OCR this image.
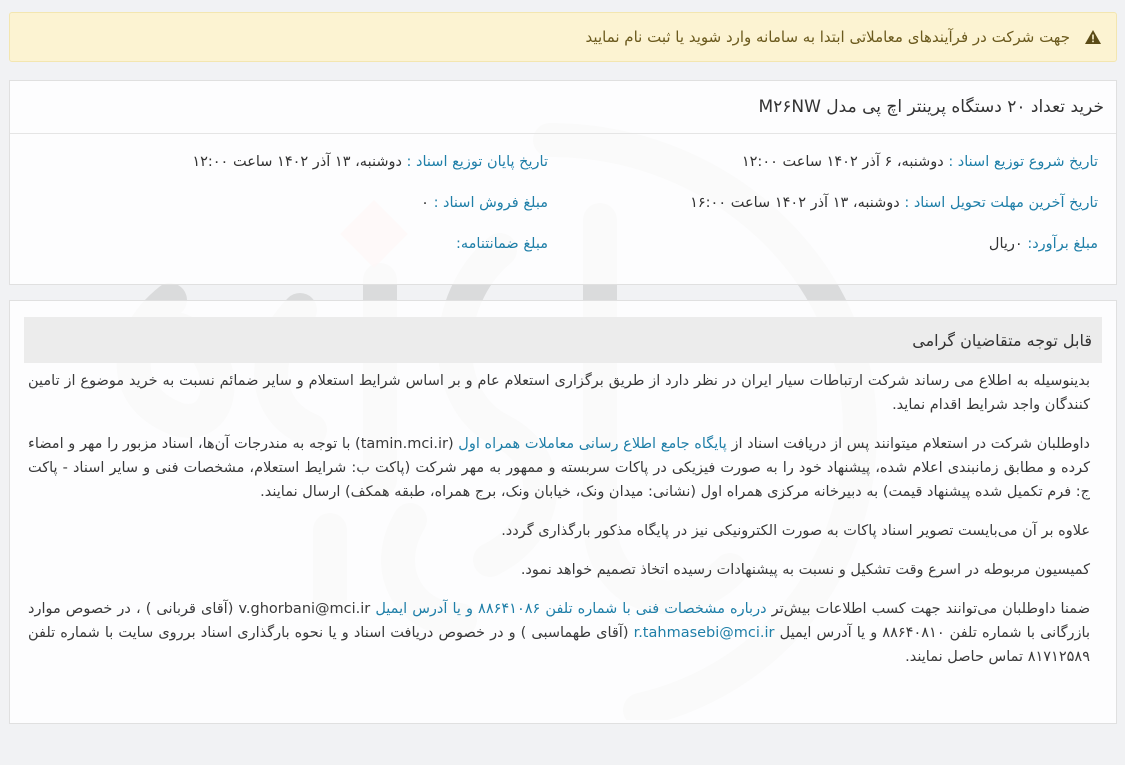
جهت شرکت در فرآیندهای معاملاتی ابتدا به سامانه وارد شوید یا ثبت نام نمایید
خرید تعداد ۲۰ دستگاه پرینتر اچ پی مدل M۲۶NW
تاریخ شروع توزیع اسناد : دوشنبه، ۶ آذر ۱۴۰۲ ساعت ۱۲:۰۰
تاریخ پایان توزیع اسناد : دوشنبه، ۱۳ آذر ۱۴۰۲ ساعت ۱۲:۰۰
تاریخ آخرین مهلت تحویل اسناد : دوشنبه، ۱۳ آذر ۱۴۰۲ ساعت ۱۶:۰۰
مبلغ فروش اسناد : ۰
مبلغ برآورد: ۰ریال
مبلغ ضمانتنامه:
قابل توجه متقاضیان گرامی

بدینوسیله به اطلاع می رساند شرکت ارتباطات سیار ایران در نظر دارد از طریق برگزاری استعلام عام و بر اساس شرایط استعلام و سایر ضمائم نسبت به خرید موضوع از تامین کنندگان واجد شرایط اقدام نماید.

داوطلبان شرکت در استعلام میتوانند پس از دریافت اسناد از پایگاه جامع اطلاع رسانی معاملات همراه اول (tamin.mci.ir) با توجه به مندرجات آن‌ها، اسناد مزبور را مهر و امضاء کرده و مطابق زمانبندی اعلام شده، پیشنهاد خود را به صورت فیزیکی در پاکات سربسته و ممهور به مهر شرکت (پاکت ب: شرایط استعلام، مشخصات فنی و سایر اسناد - پاکت ج: فرم تکمیل شده پیشنهاد قیمت) به دبیرخانه مرکزی همراه اول (نشانی: میدان ونک، خیابان ونک، برج همراه، طبقه همکف) ارسال نمایند.

علاوه بر آن می‌بایست تصویر اسناد پاکات به صورت الکترونیکی نیز در پایگاه مذکور بارگذاری گردد.

کمیسیون مربوطه در اسرع وقت تشکیل و نسبت به پیشنهادات رسیده اتخاذ تصمیم خواهد نمود.

ضمنا داوطلبان می‌توانند جهت کسب اطلاعات بیش‌تر درباره مشخصات فنی با شماره تلفن ۸۸۶۴۱۰۸۶ و یا آدرس ایمیل v.ghorbani@mci.ir (آقای قربانی ) ، در خصوص موارد بازرگانی با شماره تلفن ۸۸۶۴۰۸۱۰ و یا آدرس ایمیل r.tahmasebi@mci.ir (آقای طهماسبی ) و در خصوص دریافت اسناد و یا نحوه بارگذاری اسناد برروی سایت با شماره تلفن ۸۱۷۱۲۵۸۹ تماس حاصل نمایند.
